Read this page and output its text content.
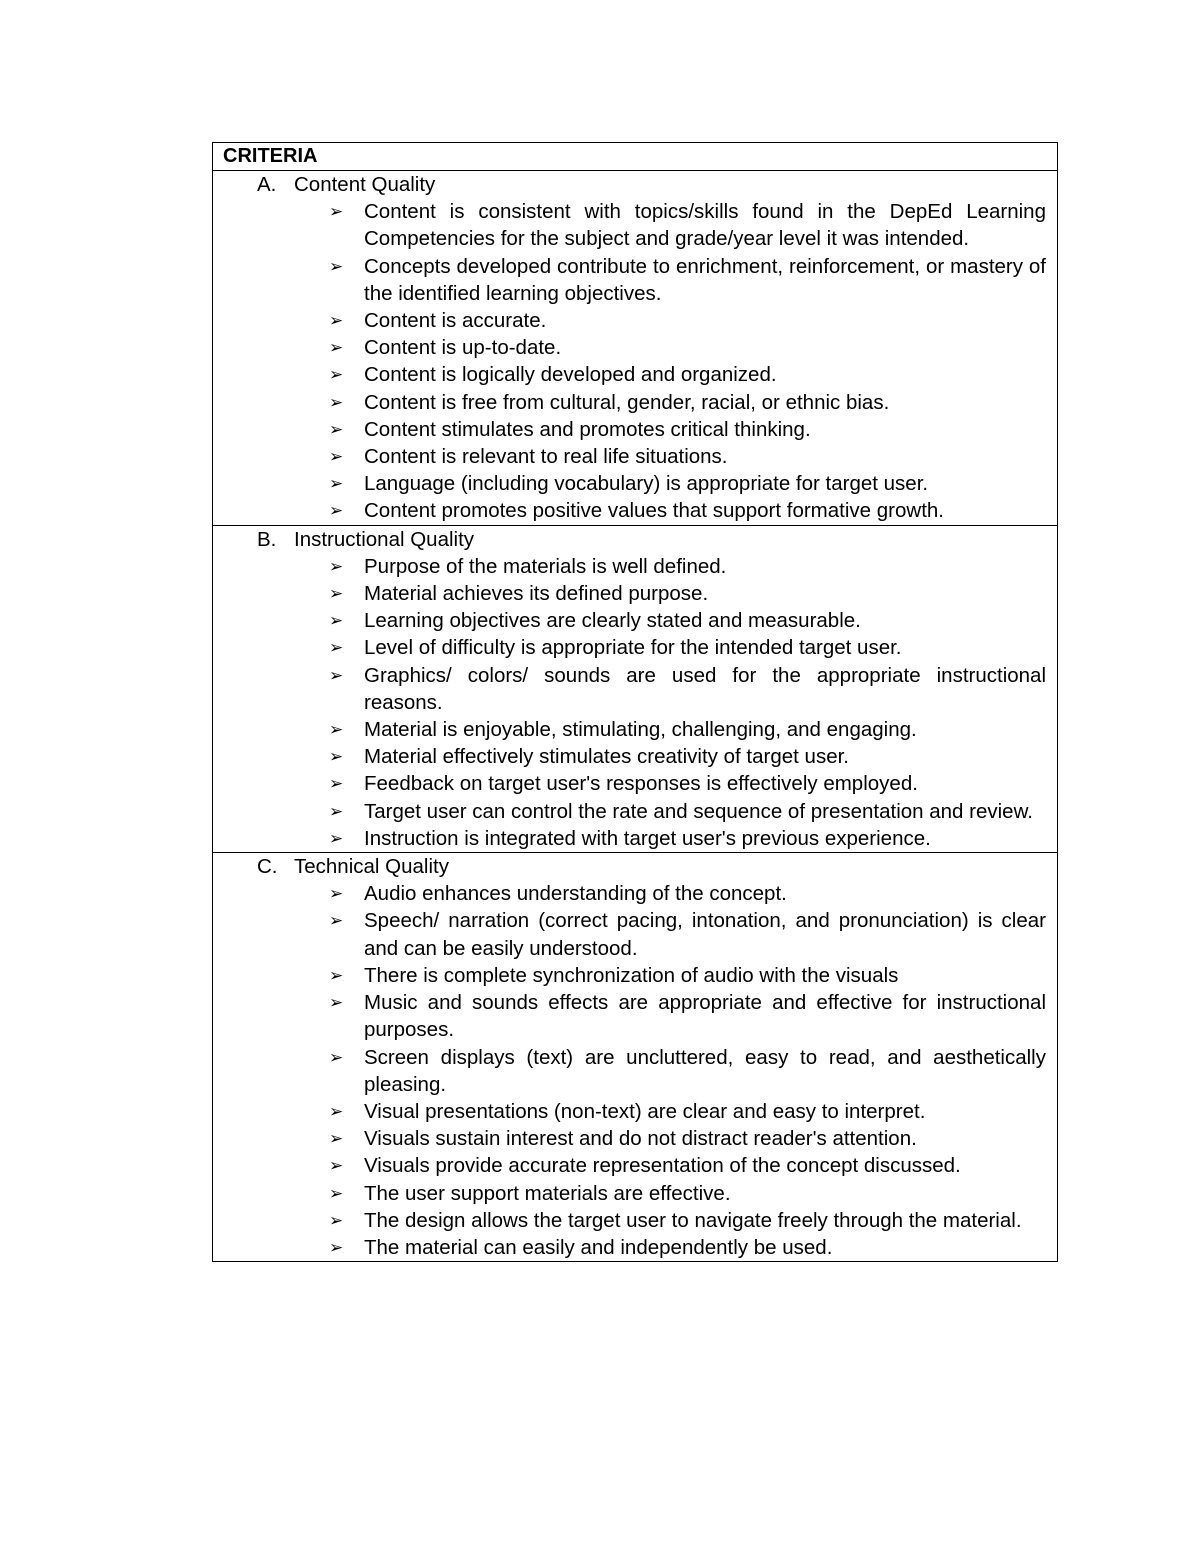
CRITERIA

A. Content Quality
➢	Content is consistent with topics/skills found in the DepEd Learning Competencies for the subject and grade/year level it was intended.
➢	Concepts developed contribute to enrichment, reinforcement, or mastery of the identified learning objectives.
➢	Content is accurate.
➢	Content is up-to-date.
➢	Content is logically developed and organized.
➢	Content is free from cultural, gender, racial, or ethnic bias.
➢	Content stimulates and promotes critical thinking.
➢	Content is relevant to real life situations.
➢	Language (including vocabulary) is appropriate for target user.
➢	Content promotes positive values that support formative growth.

B. Instructional Quality
➢	Purpose of the materials is well defined.
➢	Material achieves its defined purpose.
➢	Learning objectives are clearly stated and measurable.
➢	Level of difficulty is appropriate for the intended target user.
➢	Graphics/ colors/ sounds are used for the appropriate instructional reasons.
➢	Material is enjoyable, stimulating, challenging, and engaging.
➢	Material effectively stimulates creativity of target user.
➢	Feedback on target user's responses is effectively employed.
➢	Target user can control the rate and sequence of presentation and review.
➢	Instruction is integrated with target user's previous experience.

C. Technical Quality
➢	Audio enhances understanding of the concept.
➢	Speech/ narration (correct pacing, intonation, and pronunciation) is clear and can be easily understood.
➢	There is complete synchronization of audio with the visuals
➢	Music and sounds effects are appropriate and effective for instructional purposes.
➢	Screen displays (text) are uncluttered, easy to read, and aesthetically pleasing.
➢	Visual presentations (non-text) are clear and easy to interpret.
➢	Visuals sustain interest and do not distract reader's attention.
➢	Visuals provide accurate representation of the concept discussed.
➢	The user support materials are effective.
➢	The design allows the target user to navigate freely through the material.
➢	The material can easily and independently be used.
